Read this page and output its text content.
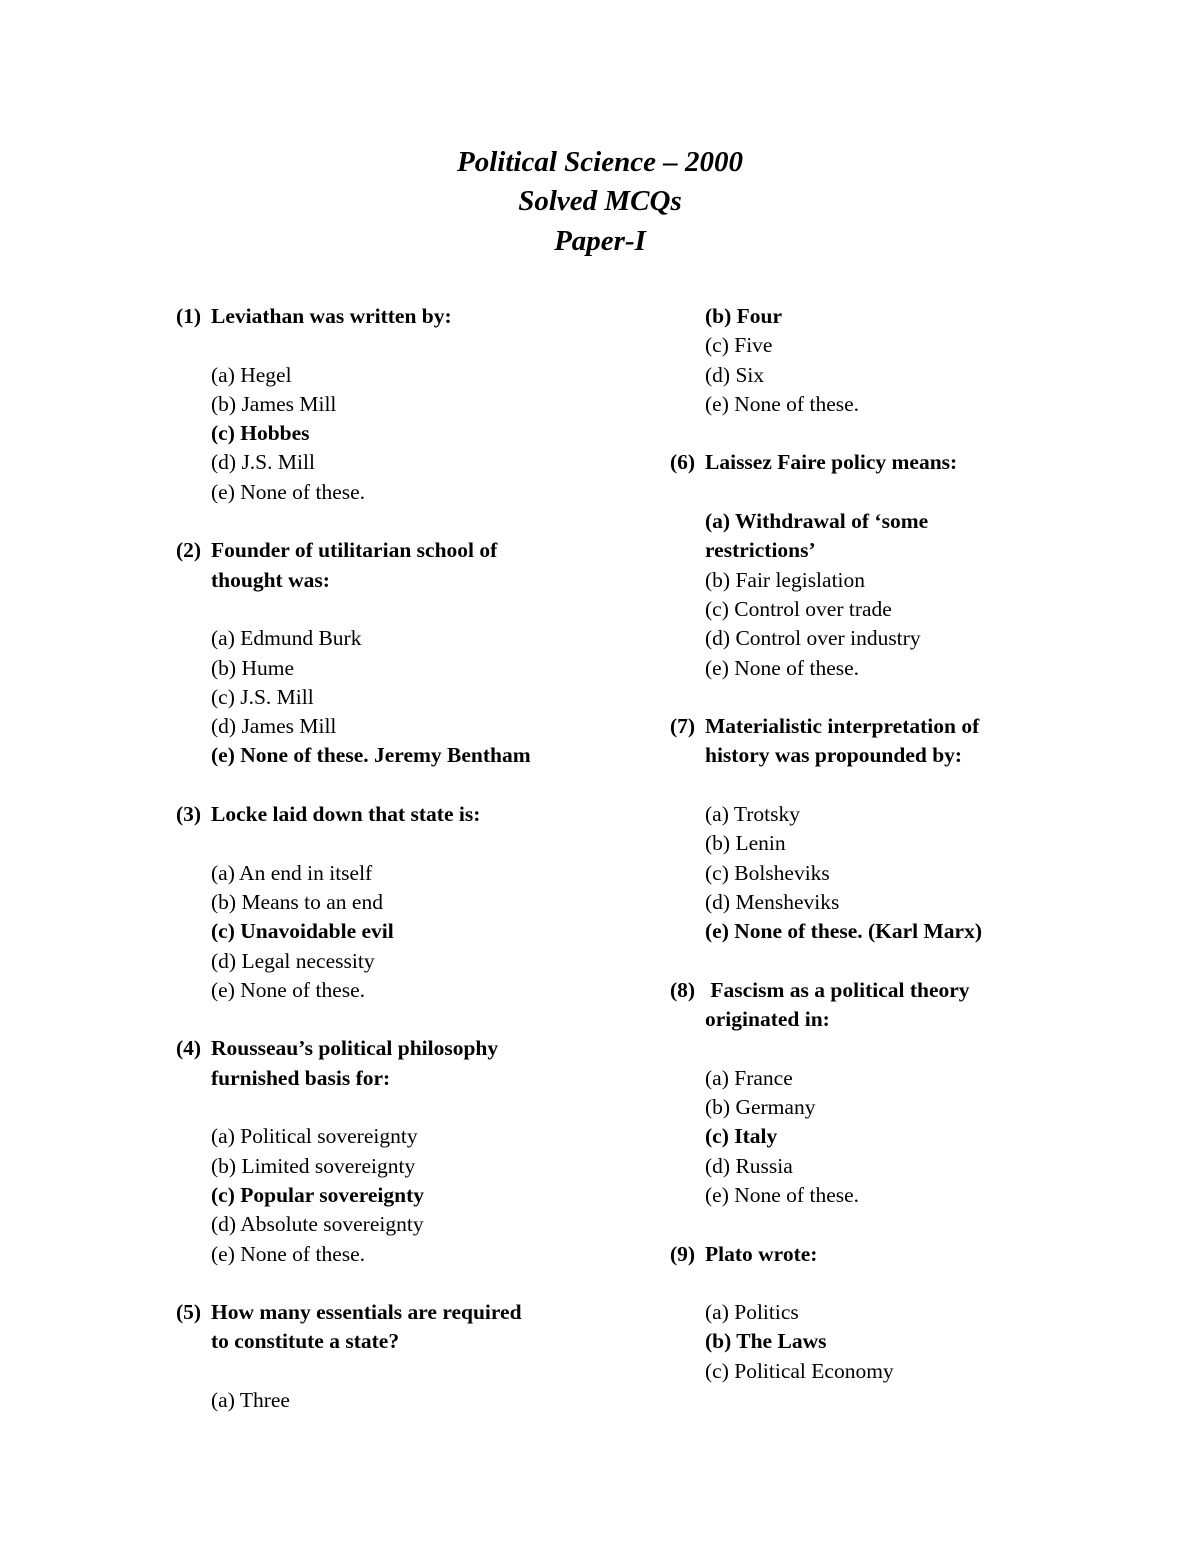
Political Science – 2000
Solved MCQs
Paper-I
(1) Leviathan was written by:
(a) Hegel
(b) James Mill
(c) Hobbes
(d) J.S. Mill
(e) None of these.
(2) Founder of utilitarian school of
thought was:
(a) Edmund Burk
(b) Hume
(c) J.S. Mill
(d) James Mill
(e) None of these. Jeremy Bentham
(3) Locke laid down that state is:
(a) An end in itself
(b) Means to an end
(c) Unavoidable evil
(d) Legal necessity
(e) None of these.
(4) Rousseau’s political philosophy
furnished basis for:
(a) Political sovereignty
(b) Limited sovereignty
(c) Popular sovereignty
(d) Absolute sovereignty
(e) None of these.
(5) How many essentials are required
to constitute a state?
(a) Three
(b) Four
(c) Five
(d) Six
(e) None of these.
(6) Laissez Faire policy means:
(a) Withdrawal of ‘some
restrictions’
(b) Fair legislation
(c) Control over trade
(d) Control over industry
(e) None of these.
(7) Materialistic interpretation of
history was propounded by:
(a) Trotsky
(b) Lenin
(c) Bolsheviks
(d) Mensheviks
(e) None of these. (Karl Marx)
(8) Fascism as a political theory
originated in:
(a) France
(b) Germany
(c) Italy
(d) Russia
(e) None of these.
(9) Plato wrote:
(a) Politics
(b) The Laws
(c) Political Economy
